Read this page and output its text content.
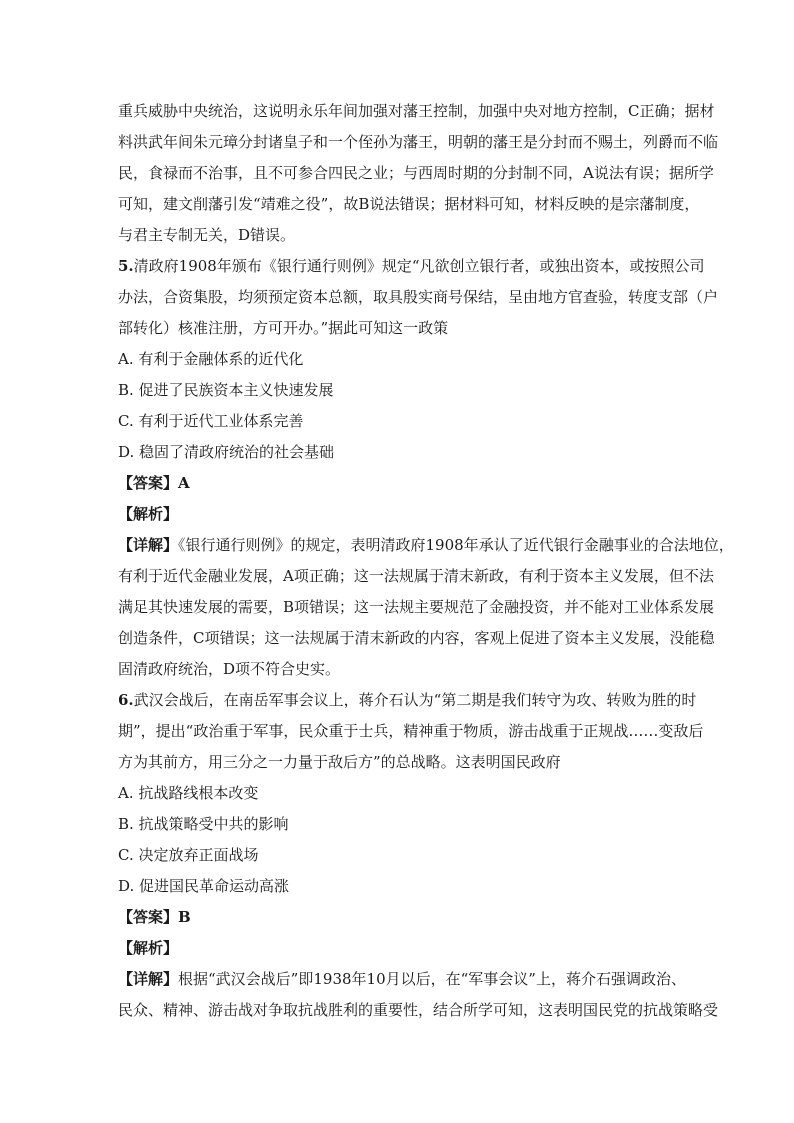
重兵威胁中央统治，这说明永乐年间加强对藩王控制，加强中央对地方控制，C正确；据材
料洪武年间朱元璋分封诸皇子和一个侄孙为藩王，明朝的藩王是分封而不赐土，列爵而不临
民，食禄而不治事，且不可参合四民之业；与西周时期的分封制不同，A说法有误；据所学
可知，建文削藩引发“靖难之役”，故B说法错误；据材料可知，材料反映的是宗藩制度，
与君主专制无关，D错误。
5.清政府1908年颁布《银行通行则例》规定“凡欲创立银行者，或独出资本，或按照公司
办法，合资集股，均须预定资本总额，取具殷实商号保结，呈由地方官查验，转度支部（户
部转化）核准注册，方可开办。”据此可知这一政策
A. 有利于金融体系的近代化
B. 促进了民族资本主义快速发展
C. 有利于近代工业体系完善
D. 稳固了清政府统治的社会基础
【答案】A
【解析】
【详解】《银行通行则例》的规定，表明清政府1908年承认了近代银行金融事业的合法地位，
有利于近代金融业发展，A项正确；这一法规属于清末新政，有利于资本主义发展，但不法
满足其快速发展的需要，B项错误；这一法规主要规范了金融投资，并不能对工业体系发展
创造条件，C项错误；这一法规属于清末新政的内容，客观上促进了资本主义发展，没能稳
固清政府统治，D项不符合史实。
6.武汉会战后，在南岳军事会议上，蒋介石认为“第二期是我们转守为攻、转败为胜的时
期”，提出“政治重于军事，民众重于士兵，精神重于物质，游击战重于正规战……变敌后
方为其前方，用三分之一力量于敌后方”的总战略。这表明国民政府
A. 抗战路线根本改变
B. 抗战策略受中共的影响
C. 决定放弃正面战场
D. 促进国民革命运动高涨
【答案】B
【解析】
【详解】根据“武汉会战后”即1938年10月以后，在“军事会议”上，蒋介石强调政治、
民众、精神、游击战对争取抗战胜利的重要性，结合所学可知，这表明国民党的抗战策略受
